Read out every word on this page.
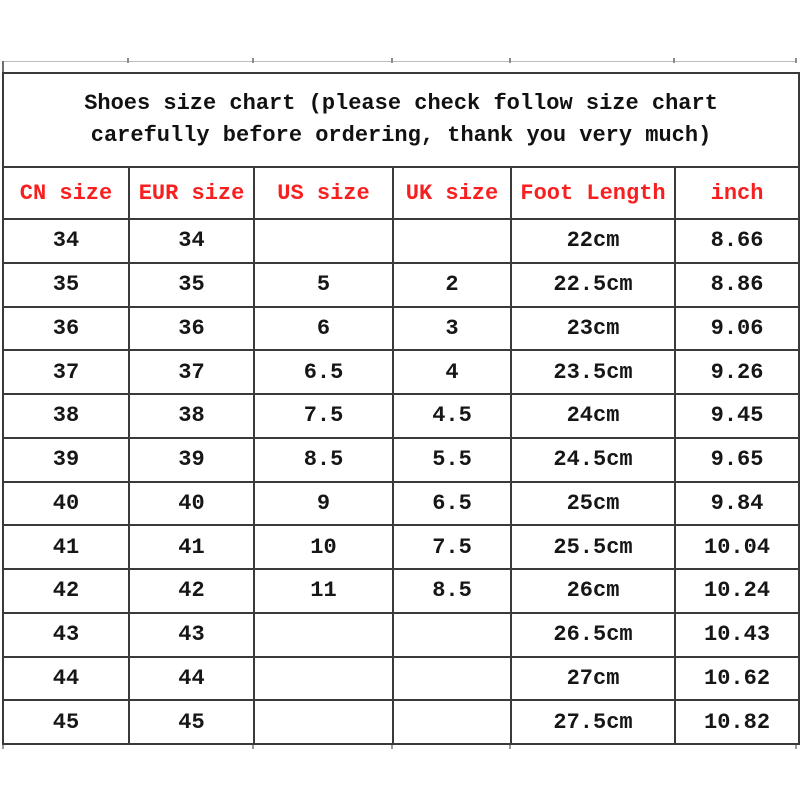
Shoes size chart (please check follow size chart
carefully before ordering, thank you very much)					

CN size	EUR size	US size	UK size	Foot Length	inch
34	34			22cm	8.66
35	35	5	2	22.5cm	8.86
36	36	6	3	23cm	9.06
37	37	6.5	4	23.5cm	9.26
38	38	7.5	4.5	24cm	9.45
39	39	8.5	5.5	24.5cm	9.65
40	40	9	6.5	25cm	9.84
41	41	10	7.5	25.5cm	10.04
42	42	11	8.5	26cm	10.24
43	43			26.5cm	10.43
44	44			27cm	10.62
45	45			27.5cm	10.82
